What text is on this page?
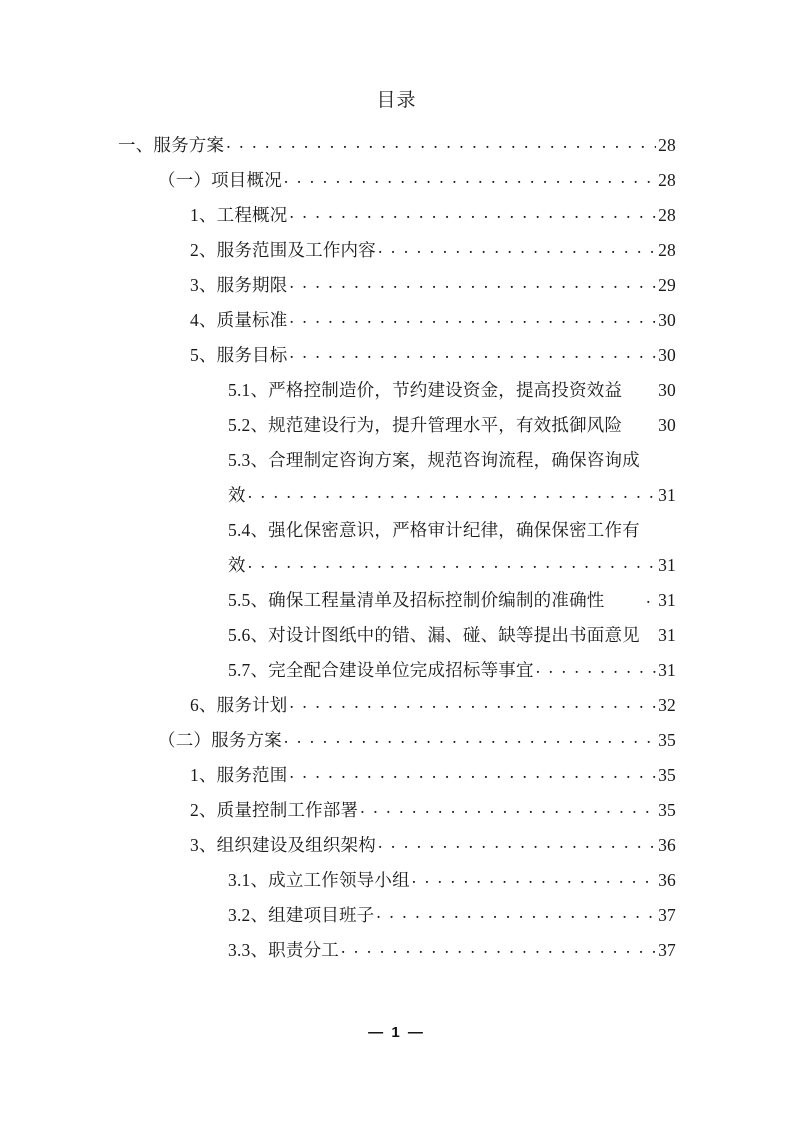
目录
一、服务方案 . . .	28
（一）项目概况 . . .	28
1、工程概况 . . .	28
2、服务范围及工作内容 . . .	28
3、服务期限 . . .	29
4、质量标准 . . .	30
5、服务目标 . . .	30
5.1、严格控制造价，节约建设资金，提高投资效益	30
5.2、规范建设行为，提升管理水平，有效抵御风险	30
5.3、合理制定咨询方案，规范咨询流程，确保咨询成
效 . . .	31
5.4、强化保密意识，严格审计纪律，确保保密工作有
效 . . .	31
5.5、确保工程量清单及招标控制价编制的准确性 . . .	31
5.6、对设计图纸中的错、漏、碰、缺等提出书面意见	31
5.7、完全配合建设单位完成招标等事宜 . . .	31
6、服务计划 . . .	32
（二）服务方案 . . .	35
1、服务范围 . . .	35
2、质量控制工作部署 . . .	35
3、组织建设及组织架构 . . .	36
3.1、成立工作领导小组 . . .	36
3.2、组建项目班子 . . .	37
3.3、职责分工 . . .	37
— 1 —
